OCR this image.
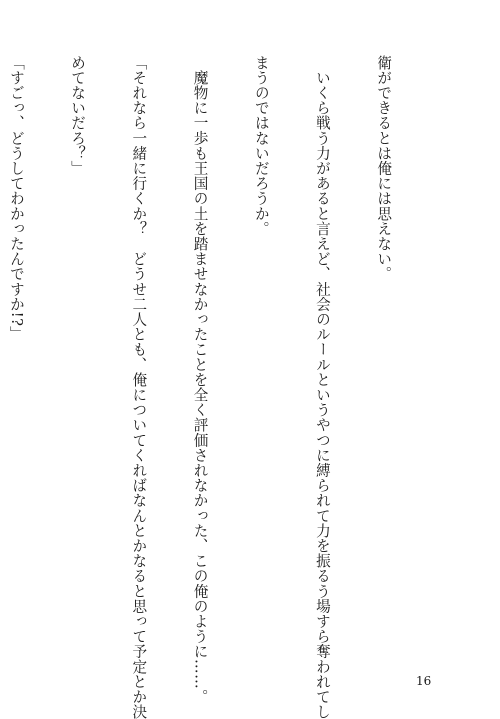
衛ができるとは俺には思えない。

　いくら戦う力があると言えど、社会のルールというやつに縛られて力を振るう場すら奪われてし

まうのではないだろうか。

　魔物に一歩も王国の土を踏ませなかったことを全く評価されなかった、この俺のように……。

「それなら一緒に行くか？　どうせ二人とも、俺についてくればなんとかなると思って予定とか決

めてないだろ？」

「すごっ、どうしてわかったんですか!?」

16
